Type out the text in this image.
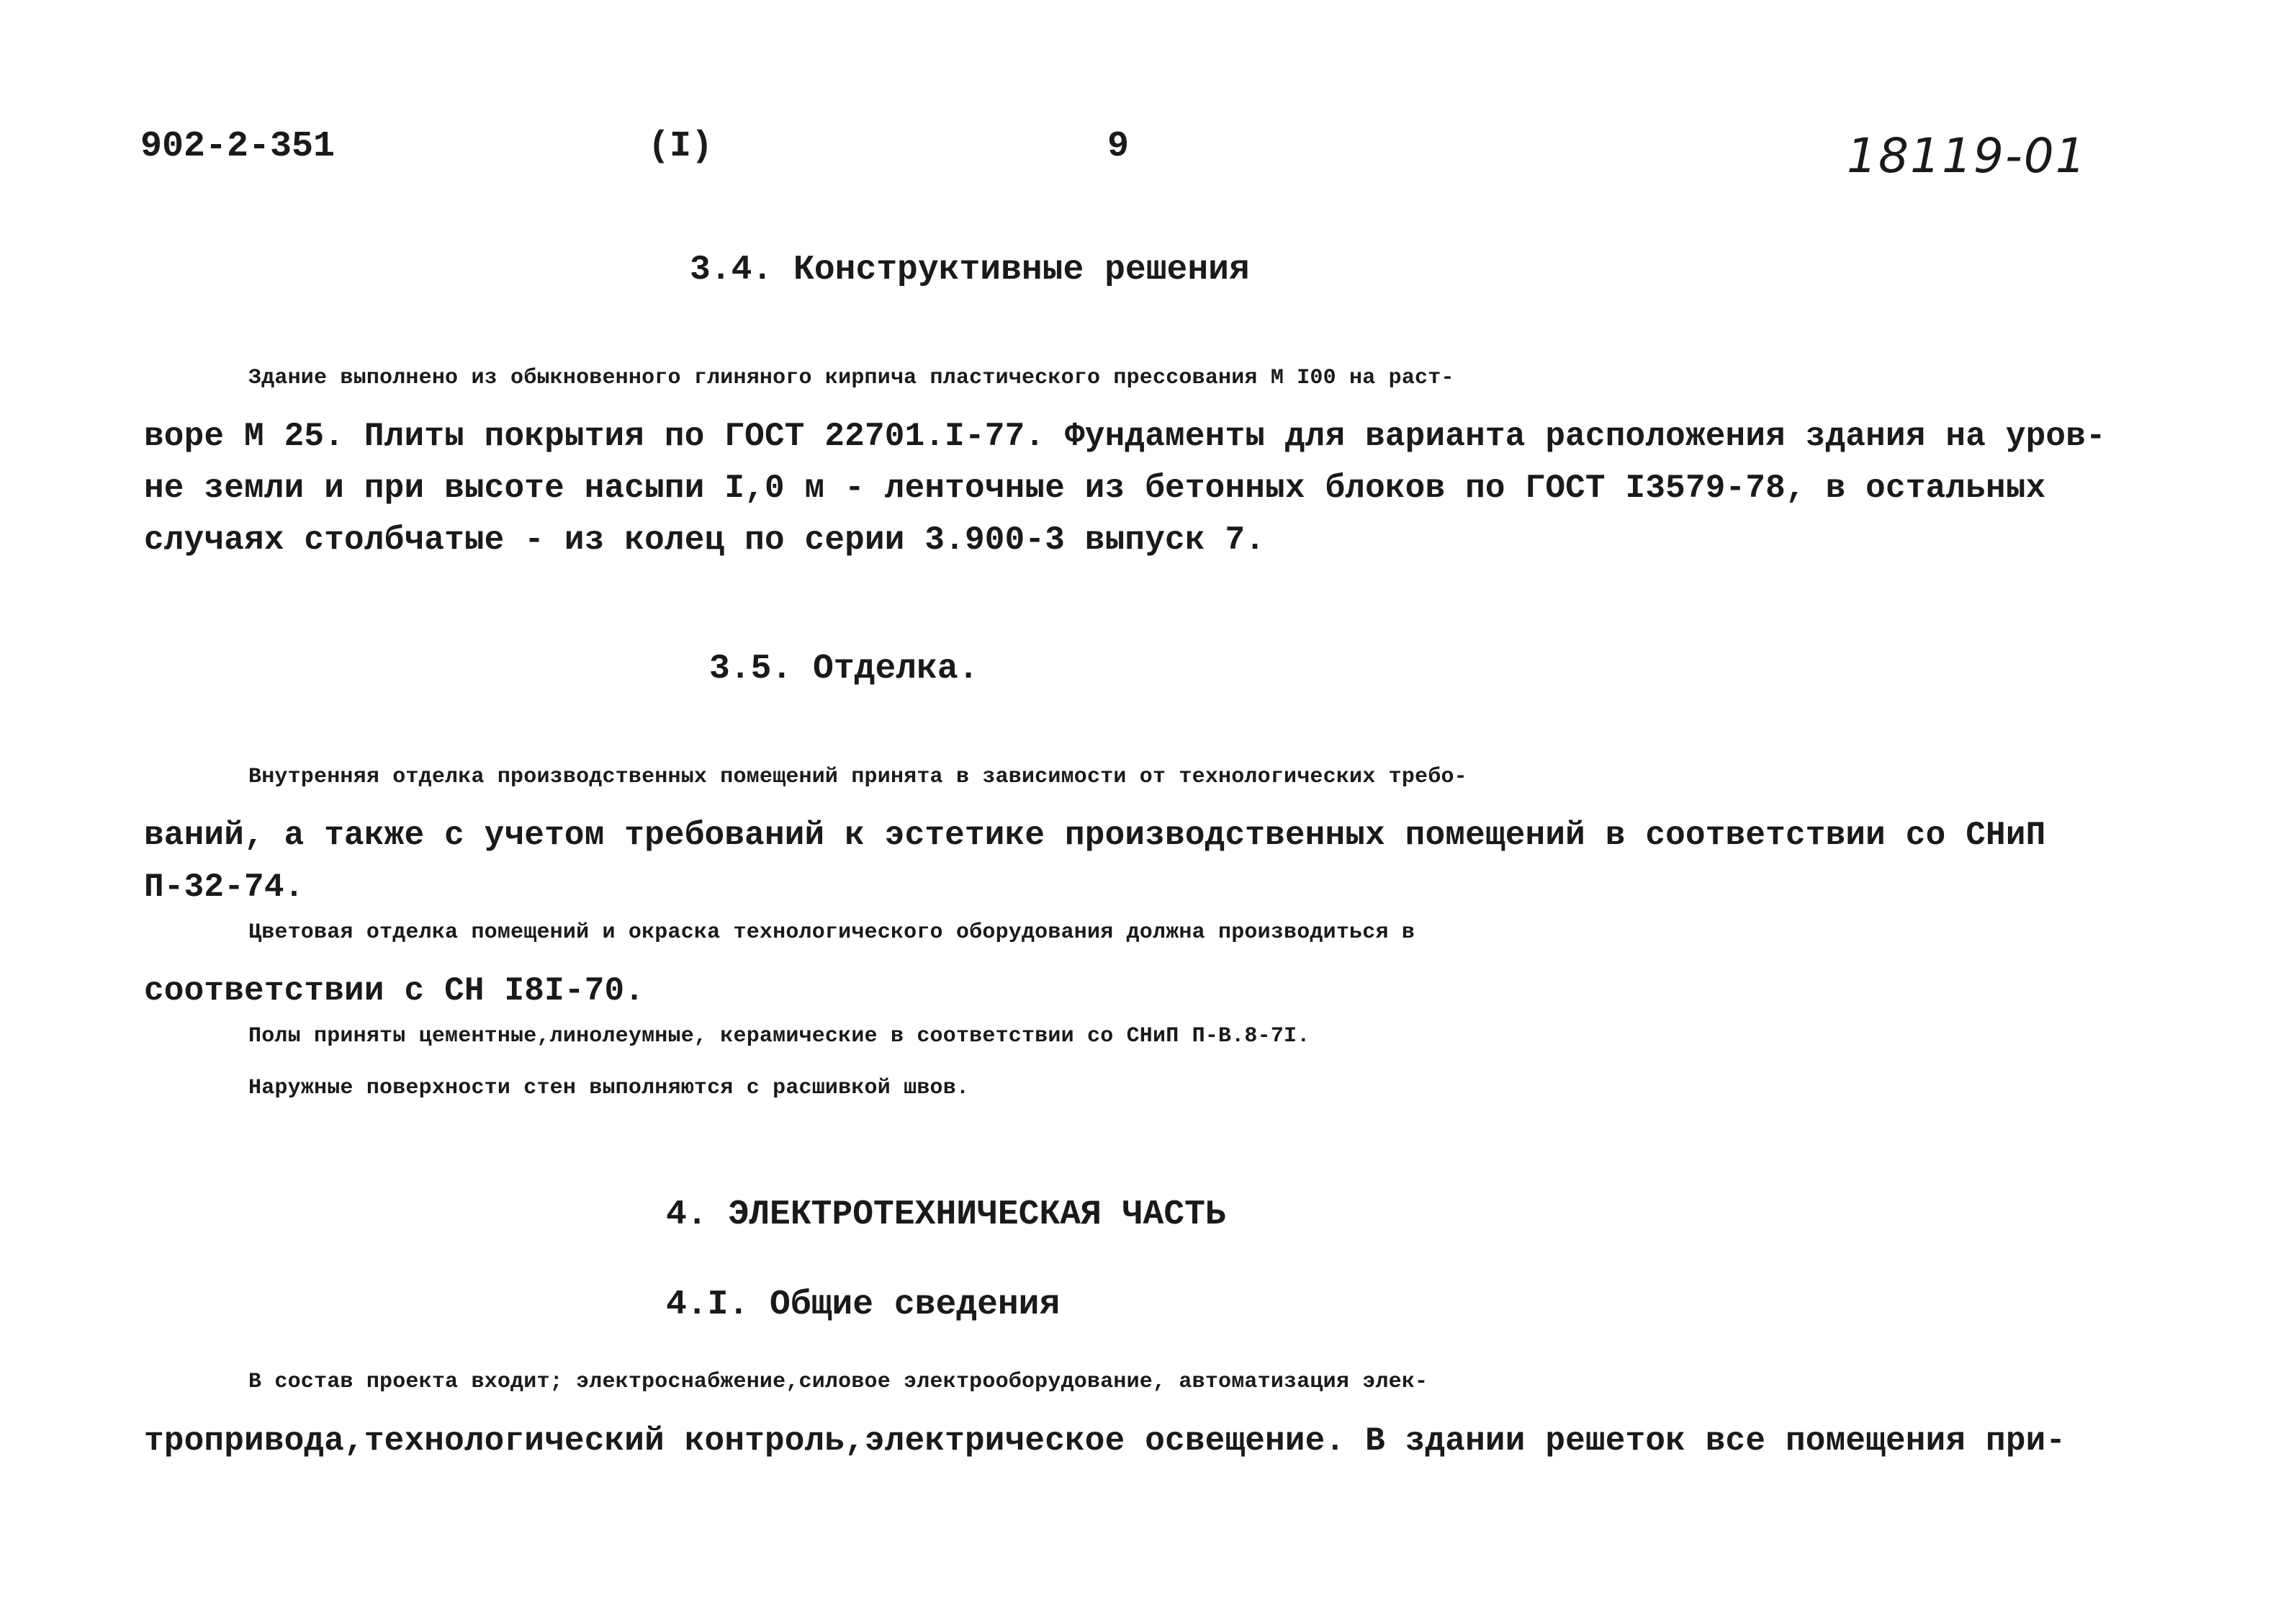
902-2-351	(I)	9	18119-01
3.4. Конструктивные решения
Здание выполнено из обыкновенного глиняного кирпича пластического прессования М I00 на раст-
воре М 25. Плиты покрытия по ГОСТ 22701.I-77. Фундаменты для варианта расположения здания на уров-
не земли и при высоте насыпи I,0 м - ленточные из бетонных блоков по ГОСТ I3579-78, в остальных
случаях столбчатые - из колец по серии 3.900-3 выпуск 7.
3.5. Отделка.
Внутренняя отделка производственных помещений принята в зависимости от технологических требо-
ваний, а также с учетом требований к эстетике производственных помещений в соответствии со СНиП
П-32-74.
Цветовая отделка помещений и окраска технологического оборудования должна производиться в
соответствии с СН I8I-70.
Полы приняты цементные,линолеумные, керамические в соответствии со СНиП П-В.8-7I.
Наружные поверхности стен выполняются с расшивкой швов.
4. ЭЛЕКТРОТЕХНИЧЕСКАЯ ЧАСТЬ
4.I. Общие сведения
В состав проекта входит; электроснабжение,силовое электрооборудование, автоматизация элек-
тропривода,технологический контроль,электрическое освещение. В здании решеток все помещения при-
